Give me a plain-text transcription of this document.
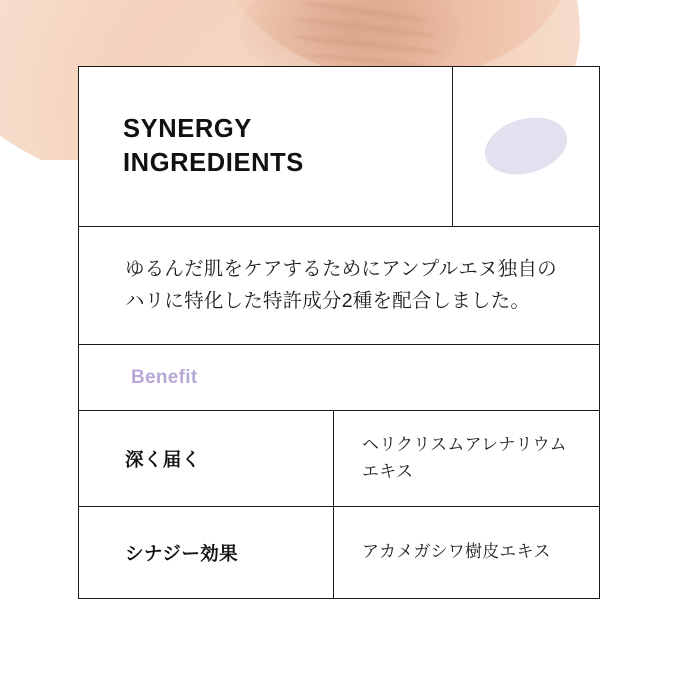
SYNERGY
INGREDIENTS
ゆるんだ肌をケアするためにアンプルエヌ独自の
ハリに特化した特許成分2種を配合しました。
Benefit
深く届く
ヘリクリスムアレナリウム
エキス
シナジー効果	アカメガシワ樹皮エキス
